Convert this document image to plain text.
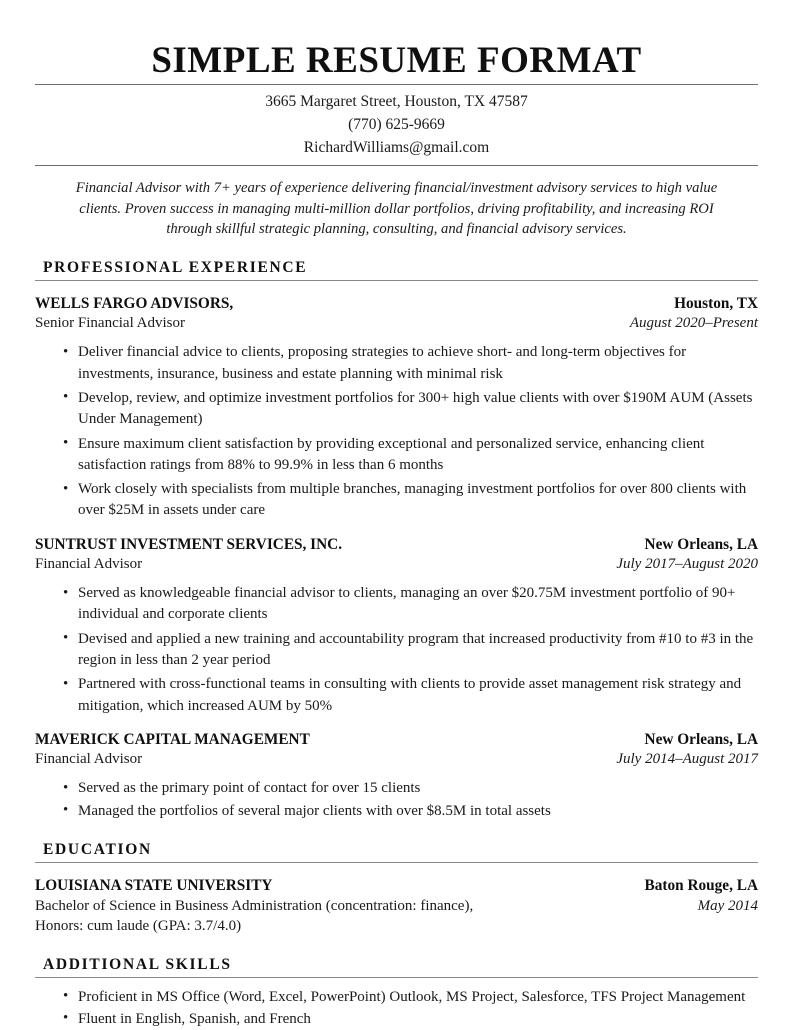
SIMPLE RESUME FORMAT
3665 Margaret Street, Houston, TX 47587
(770) 625-9669
RichardWilliams@gmail.com
Financial Advisor with 7+ years of experience delivering financial/investment advisory services to high value clients. Proven success in managing multi-million dollar portfolios, driving profitability, and increasing ROI through skillful strategic planning, consulting, and financial advisory services.
PROFESSIONAL EXPERIENCE
WELLS FARGO ADVISORS,	Houston, TX
Senior Financial Advisor	August 2020–Present
• Deliver financial advice to clients, proposing strategies to achieve short- and long-term objectives for investments, insurance, business and estate planning with minimal risk
• Develop, review, and optimize investment portfolios for 300+ high value clients with over $190M AUM (Assets Under Management)
• Ensure maximum client satisfaction by providing exceptional and personalized service, enhancing client satisfaction ratings from 88% to 99.9% in less than 6 months
• Work closely with specialists from multiple branches, managing investment portfolios for over 800 clients with over $25M in assets under care
SUNTRUST INVESTMENT SERVICES, INC.	New Orleans, LA
Financial Advisor	July 2017–August 2020
• Served as knowledgeable financial advisor to clients, managing an over $20.75M investment portfolio of 90+ individual and corporate clients
• Devised and applied a new training and accountability program that increased productivity from #10 to #3 in the region in less than 2 year period
• Partnered with cross-functional teams in consulting with clients to provide asset management risk strategy and mitigation, which increased AUM by 50%
MAVERICK CAPITAL MANAGEMENT	New Orleans, LA
Financial Advisor	July 2014–August 2017
• Served as the primary point of contact for over 15 clients
• Managed the portfolios of several major clients with over $8.5M in total assets
EDUCATION
LOUISIANA STATE UNIVERSITY	Baton Rouge, LA
Bachelor of Science in Business Administration (concentration: finance),	May 2014
Honors: cum laude (GPA: 3.7/4.0)
ADDITIONAL SKILLS
• Proficient in MS Office (Word, Excel, PowerPoint) Outlook, MS Project, Salesforce, TFS Project Management
• Fluent in English, Spanish, and French
